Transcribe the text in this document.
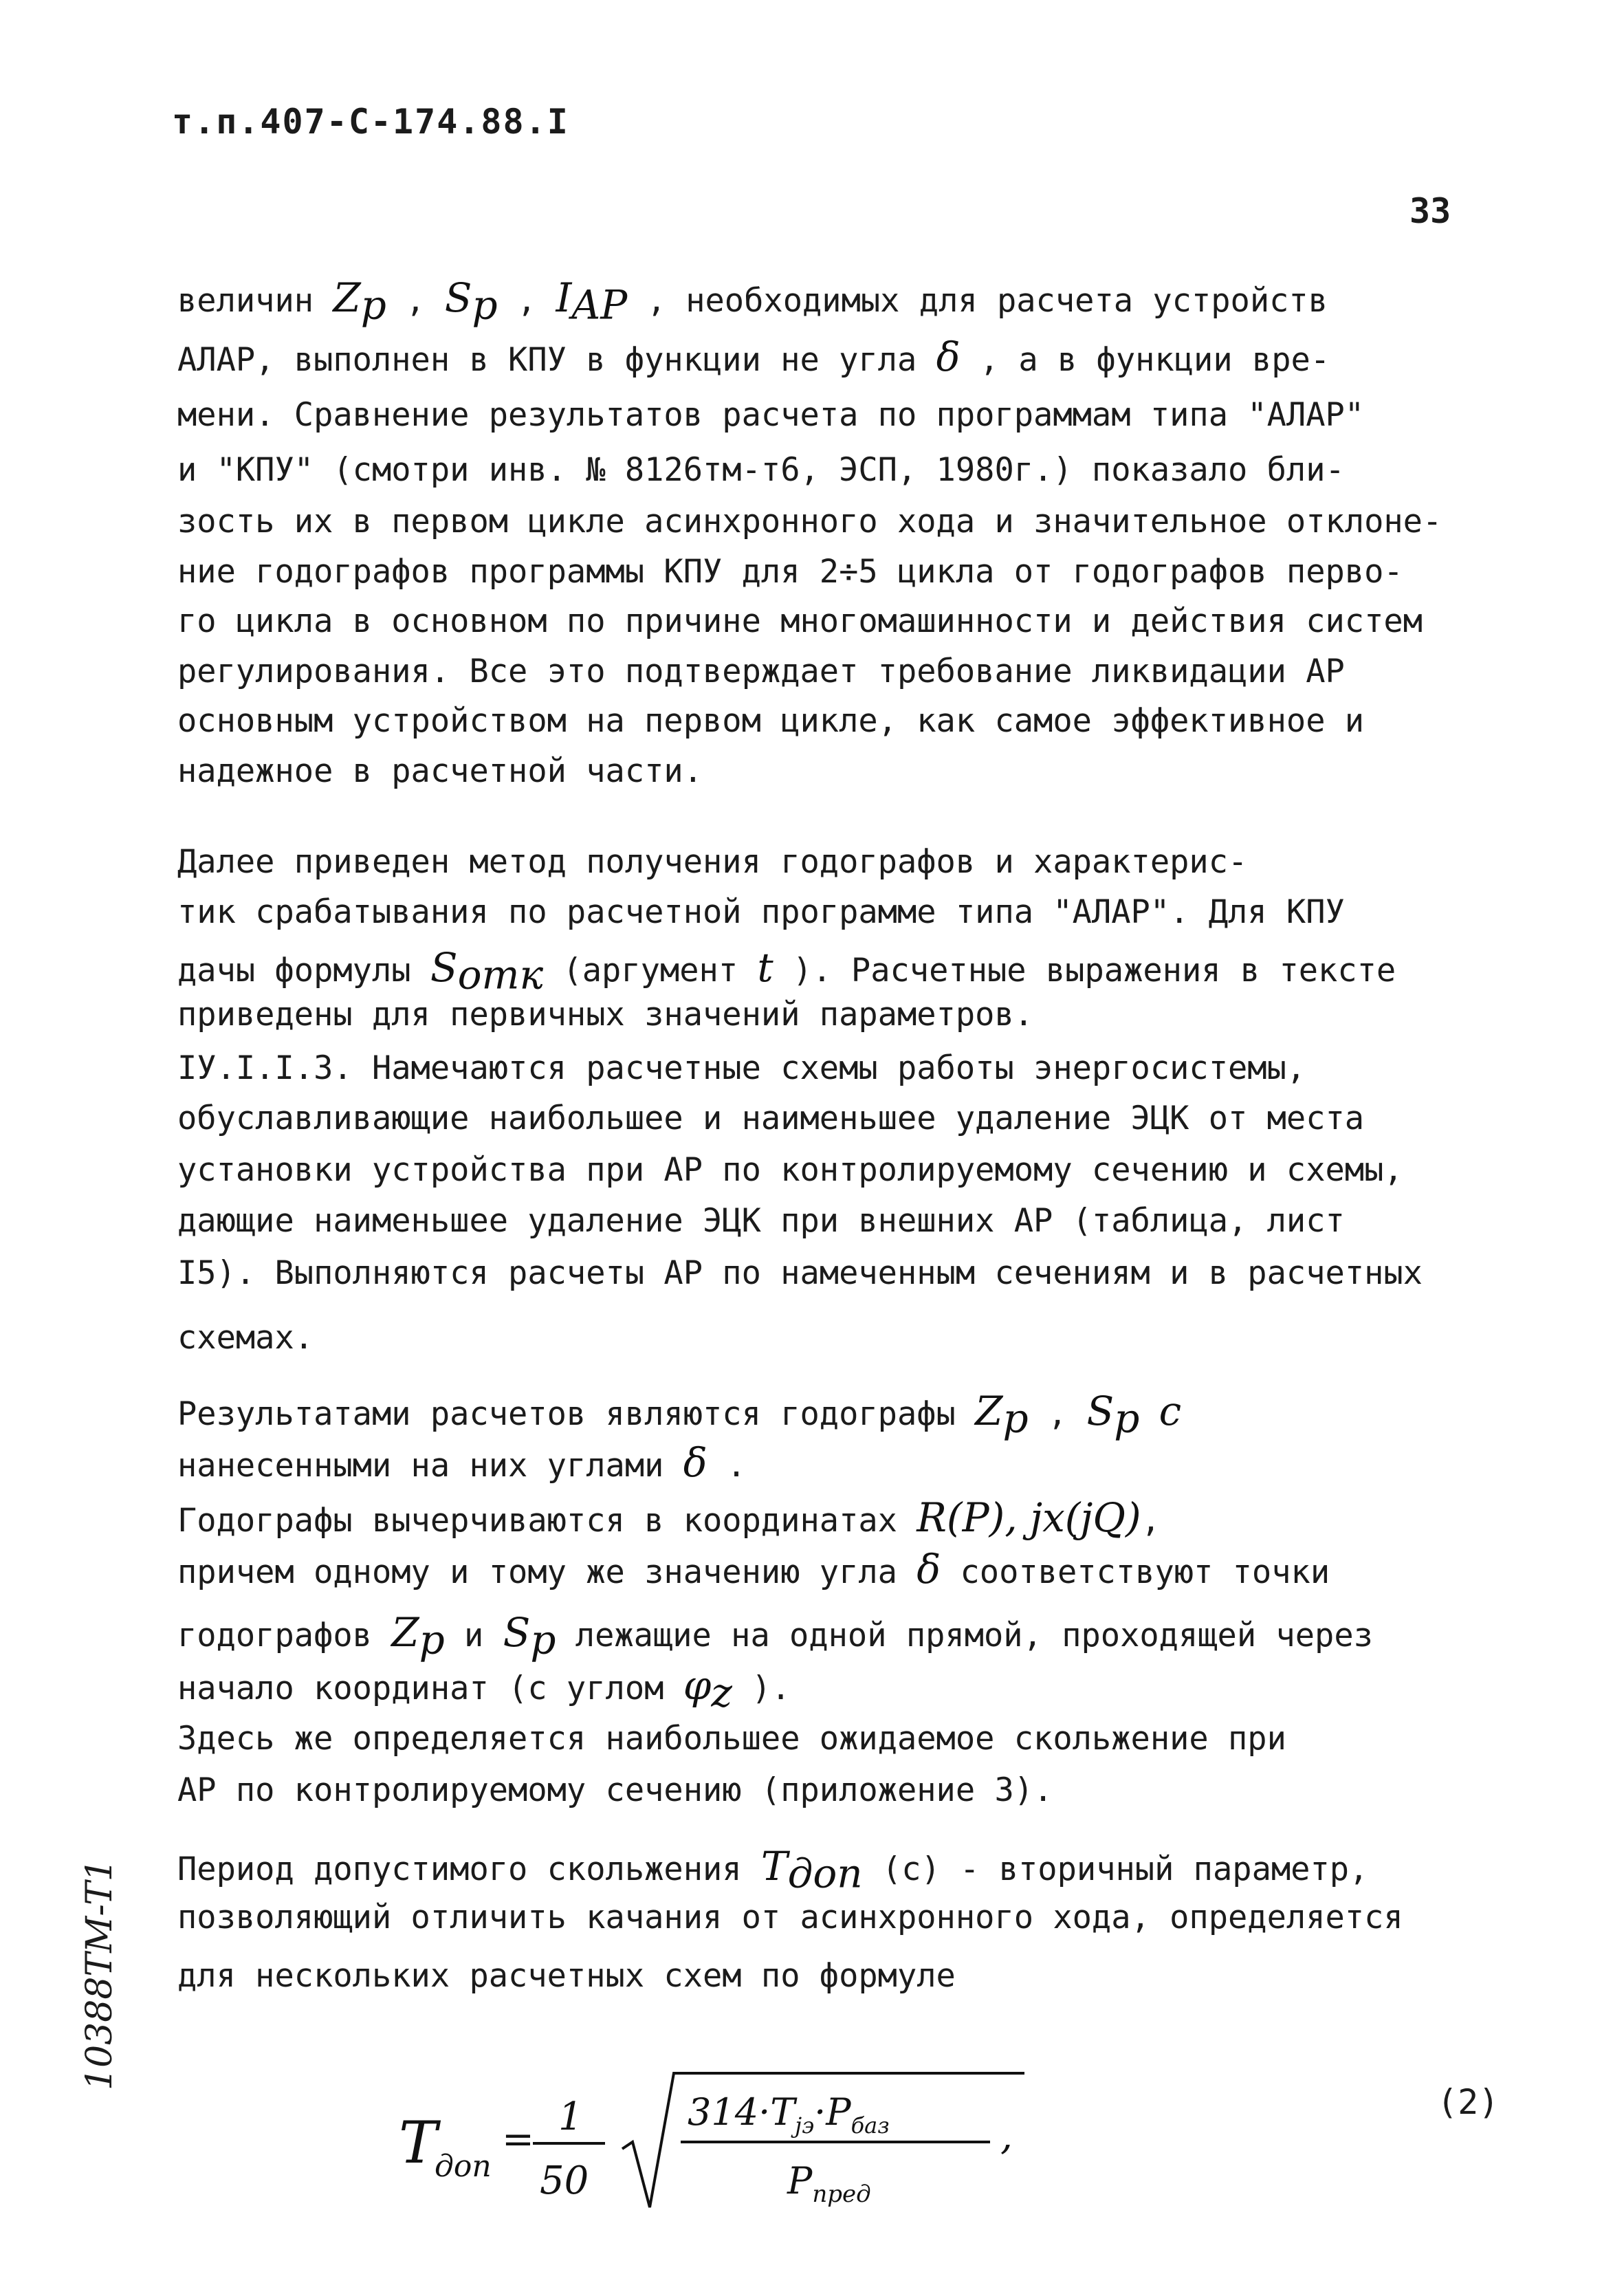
т.п.407-С-174.88.I
33
величин $Z_p$ , $S_p$ , $I_{AP}$ , необходимых для расчета устройств
АЛАР, выполнен в КПУ в функции не угла δ , а в функции вре-
мени. Сравнение результатов расчета по программам типа "АЛАР"
и "КПУ" (смотри инв. № 8126тм-т6, ЭСП, 1980г.) показало бли-
зость их в первом цикле асинхронного хода и значительное отклоне-
ние годографов программы КПУ для 2÷5 цикла от годографов перво-
го цикла в основном по причине многомашинности и действия систем
регулирования. Все это подтверждает требование ликвидации АР
основным устройством на первом цикле, как самое эффективное и
надежное в расчетной части.
Далее приведен метод получения годографов и характерис-
тик срабатывания по расчетной программе типа "АЛАР". Для КПУ
дачы формулы $S_{отк}$ (аргумент t ). Расчетные выражения в тексте
приведены для первичных значений параметров.
IУ.I.I.3. Намечаются расчетные схемы работы энергосистемы,
обуславливающие наибольшее и наименьшее удаление ЭЦК от места
установки устройства при АР по контролируемому сечению и схемы,
дающие наименьшее удаление ЭЦК при внешних АР (таблица, лист
I5). Выполняются расчеты АР по намеченным сечениям и в расчетных
схемах.
Результатами расчетов являются годографы $Z_p$ , $S_p$ с
нанесенными на них углами δ .
Годографы вычерчиваются в координатах R(P), jx(jQ),
причем одному и тому же значению угла δ соответствуют точки
годографов $Z_p$ и $S_p$ лежащие на одной прямой, проходящей через
начало координат (с углом $\varphi_z$ ).
Здесь же определяется наибольшее ожидаемое скольжение при
АР по контролируемому сечению (приложение 3).
Период допустимого скольжения $T_{доп}$ (с) - вторичный параметр,
позволяющий отличить качания от асинхронного хода, определяется
для нескольких расчетных схем по формуле
10388TM-T1
T
доп
=
1
50
$314\cdot T_{jэ}\cdot P_{баз}$
$P_{пред}$
,
(2)
